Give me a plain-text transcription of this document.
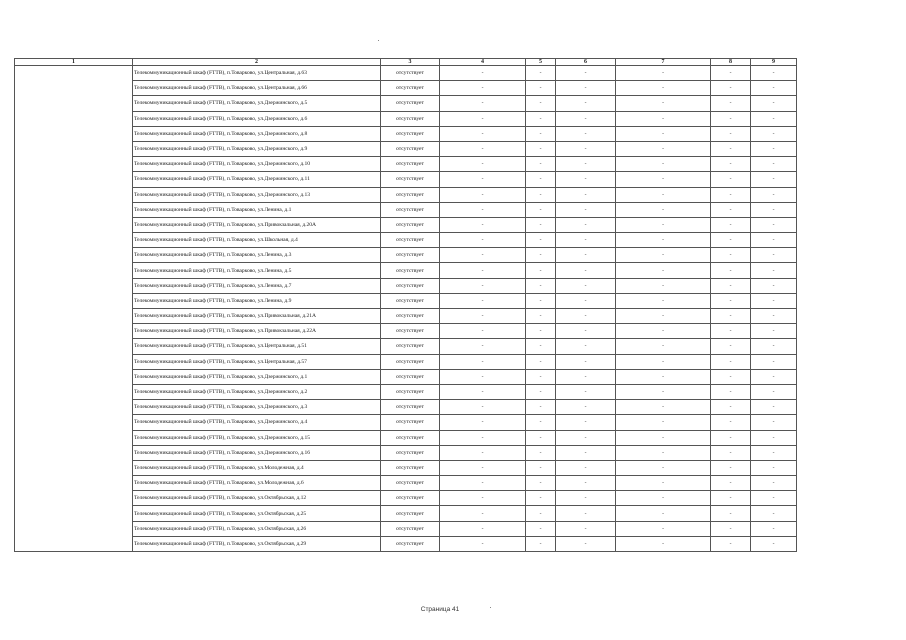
1	2	3	4	5	6	7	8	9
	Телекоммуникационный шкаф (FTTB), п.Товарково, ул.Центральная, д.63	отсутствует	-	-	-	-	-	-
	Телекоммуникационный шкаф (FTTB), п.Товарково, ул.Центральная, д.66	отсутствует	-	-	-	-	-	-
	Телекоммуникационный шкаф (FTTB), п.Товарково, ул.Дзержинского, д.5	отсутствует	-	-	-	-	-	-
	Телекоммуникационный шкаф (FTTB), п.Товарково, ул.Дзержинского, д.6	отсутствует	-	-	-	-	-	-
	Телекоммуникационный шкаф (FTTB), п.Товарково, ул.Дзержинского, д.8	отсутствует	-	-	-	-	-	-
	Телекоммуникационный шкаф (FTTB), п.Товарково, ул.Дзержинского, д.9	отсутствует	-	-	-	-	-	-
	Телекоммуникационный шкаф (FTTB), п.Товарково, ул.Дзержинского, д.10	отсутствует	-	-	-	-	-	-
	Телекоммуникационный шкаф (FTTB), п.Товарково, ул.Дзержинского, д.11	отсутствует	-	-	-	-	-	-
	Телекоммуникационный шкаф (FTTB), п.Товарково, ул.Дзержинского, д.13	отсутствует	-	-	-	-	-	-
	Телекоммуникационный шкаф (FTTB), п.Товарково, ул.Ленина, д.1	отсутствует	-	-	-	-	-	-
	Телекоммуникационный шкаф (FTTB), п.Товарково, ул.Привокзальная, д.20А	отсутствует	-	-	-	-	-	-
	Телекоммуникационный шкаф (FTTB), п.Товарково, ул.Школьная, д.4	отсутствует	-	-	-	-	-	-
	Телекоммуникационный шкаф (FTTB), п.Товарково, ул.Ленина, д.3	отсутствует	-	-	-	-	-	-
	Телекоммуникационный шкаф (FTTB), п.Товарково, ул.Ленина, д.5	отсутствует	-	-	-	-	-	-
	Телекоммуникационный шкаф (FTTB), п.Товарково, ул.Ленина, д.7	отсутствует	-	-	-	-	-	-
	Телекоммуникационный шкаф (FTTB), п.Товарково, ул.Ленина, д.9	отсутствует	-	-	-	-	-	-
	Телекоммуникационный шкаф (FTTB), п.Товарково, ул.Привокзальная, д.21А	отсутствует	-	-	-	-	-	-
	Телекоммуникационный шкаф (FTTB), п.Товарково, ул.Привокзальная, д.22А	отсутствует	-	-	-	-	-	-
	Телекоммуникационный шкаф (FTTB), п.Товарково, ул.Центральная, д.51	отсутствует	-	-	-	-	-	-
	Телекоммуникационный шкаф (FTTB), п.Товарково, ул.Центральная, д.57	отсутствует	-	-	-	-	-	-
	Телекоммуникационный шкаф (FTTB), п.Товарково, ул.Дзержинского, д.1	отсутствует	-	-	-	-	-	-
	Телекоммуникационный шкаф (FTTB), п.Товарково, ул.Дзержинского, д.2	отсутствует	-	-	-	-	-	-
	Телекоммуникационный шкаф (FTTB), п.Товарково, ул.Дзержинского, д.3	отсутствует	-	-	-	-	-	-
	Телекоммуникационный шкаф (FTTB), п.Товарково, ул.Дзержинского, д.4	отсутствует	-	-	-	-	-	-
	Телекоммуникационный шкаф (FTTB), п.Товарково, ул.Дзержинского, д.15	отсутствует	-	-	-	-	-	-
	Телекоммуникационный шкаф (FTTB), п.Товарково, ул.Дзержинского, д.16	отсутствует	-	-	-	-	-	-
	Телекоммуникационный шкаф (FTTB), п.Товарково, ул.Молодежная, д.4	отсутствует	-	-	-	-	-	-
	Телекоммуникационный шкаф (FTTB), п.Товарково, ул.Молодежная, д.6	отсутствует	-	-	-	-	-	-
	Телекоммуникационный шкаф (FTTB), п.Товарково, ул.Октябрьская, д.12	отсутствует	-	-	-	-	-	-
	Телекоммуникационный шкаф (FTTB), п.Товарково, ул.Октябрьская, д.25	отсутствует	-	-	-	-	-	-
	Телекоммуникационный шкаф (FTTB), п.Товарково, ул.Октябрьская, д.26	отсутствует	-	-	-	-	-	-
	Телекоммуникационный шкаф (FTTB), п.Товарково, ул.Октябрьская, д.29	отсутствует	-	-	-	-	-	-
Страница 41
